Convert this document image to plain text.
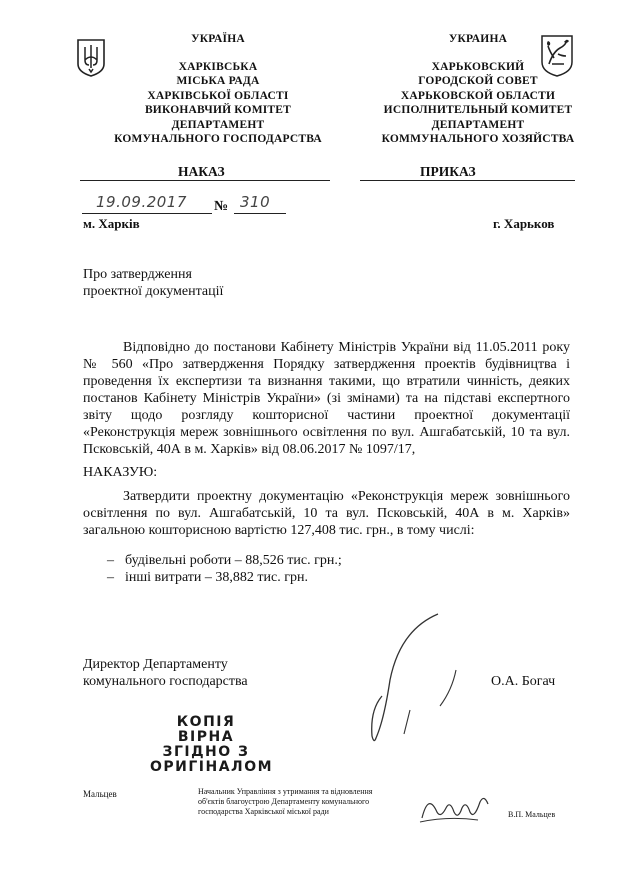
УКРАЇНА
ХАРКІВСЬКА
МІСЬКА РАДА
ХАРКІВСЬКОЇ ОБЛАСТІ
ВИКОНАВЧИЙ КОМІТЕТ
ДЕПАРТАМЕНТ
КОМУНАЛЬНОГО ГОСПОДАРСТВА
УКРАИНА
ХАРЬКОВСКИЙ
ГОРОДСКОЙ СОВЕТ
ХАРЬКОВСКОЙ ОБЛАСТИ
ИСПОЛНИТЕЛЬНЫЙ КОМИТЕТ
ДЕПАРТАМЕНТ
КОММУНАЛЬНОГО ХОЗЯЙСТВА
НАКАЗ	ПРИКАЗ
19.09.2017 № 310
м. Харків	г. Харьков
Про затвердження
проектної документації
Відповідно до постанови Кабінету Міністрів України від 11.05.2011 року № 560 «Про затвердження Порядку затвердження проектів будівництва і проведення їх експертизи та визнання такими, що втратили чинність, деяких постанов Кабінету Міністрів України» (зі змінами) та на підставі експертного звіту щодо розгляду кошторисної частини проектної документації «Реконструкція мереж зовнішнього освітлення по вул. Ашгабатській, 10 та вул. Псковській, 40А в м. Харків» від 08.06.2017 № 1097/17,
НАКАЗУЮ:
Затвердити проектну документацію «Реконструкція мереж зовнішнього освітлення по вул. Ашгабатській, 10 та вул. Псковській, 40А в м. Харків» загальною кошторисною вартістю 127,408 тис. грн., в тому числі:
– будівельні роботи – 88,526 тис. грн.;
– інші витрати – 38,882 тис. грн.
Директор Департаменту
комунального господарства	О.А. Богач
КОПІЯ ВІРНА
ЗГІДНО З
ОРИГІНАЛОМ
Мальцев	Начальник Управління з утримання та відновлення
об'єктів благоустрою Департаменту комунального
господарства Харківської міської ради	В.П. Мальцев
